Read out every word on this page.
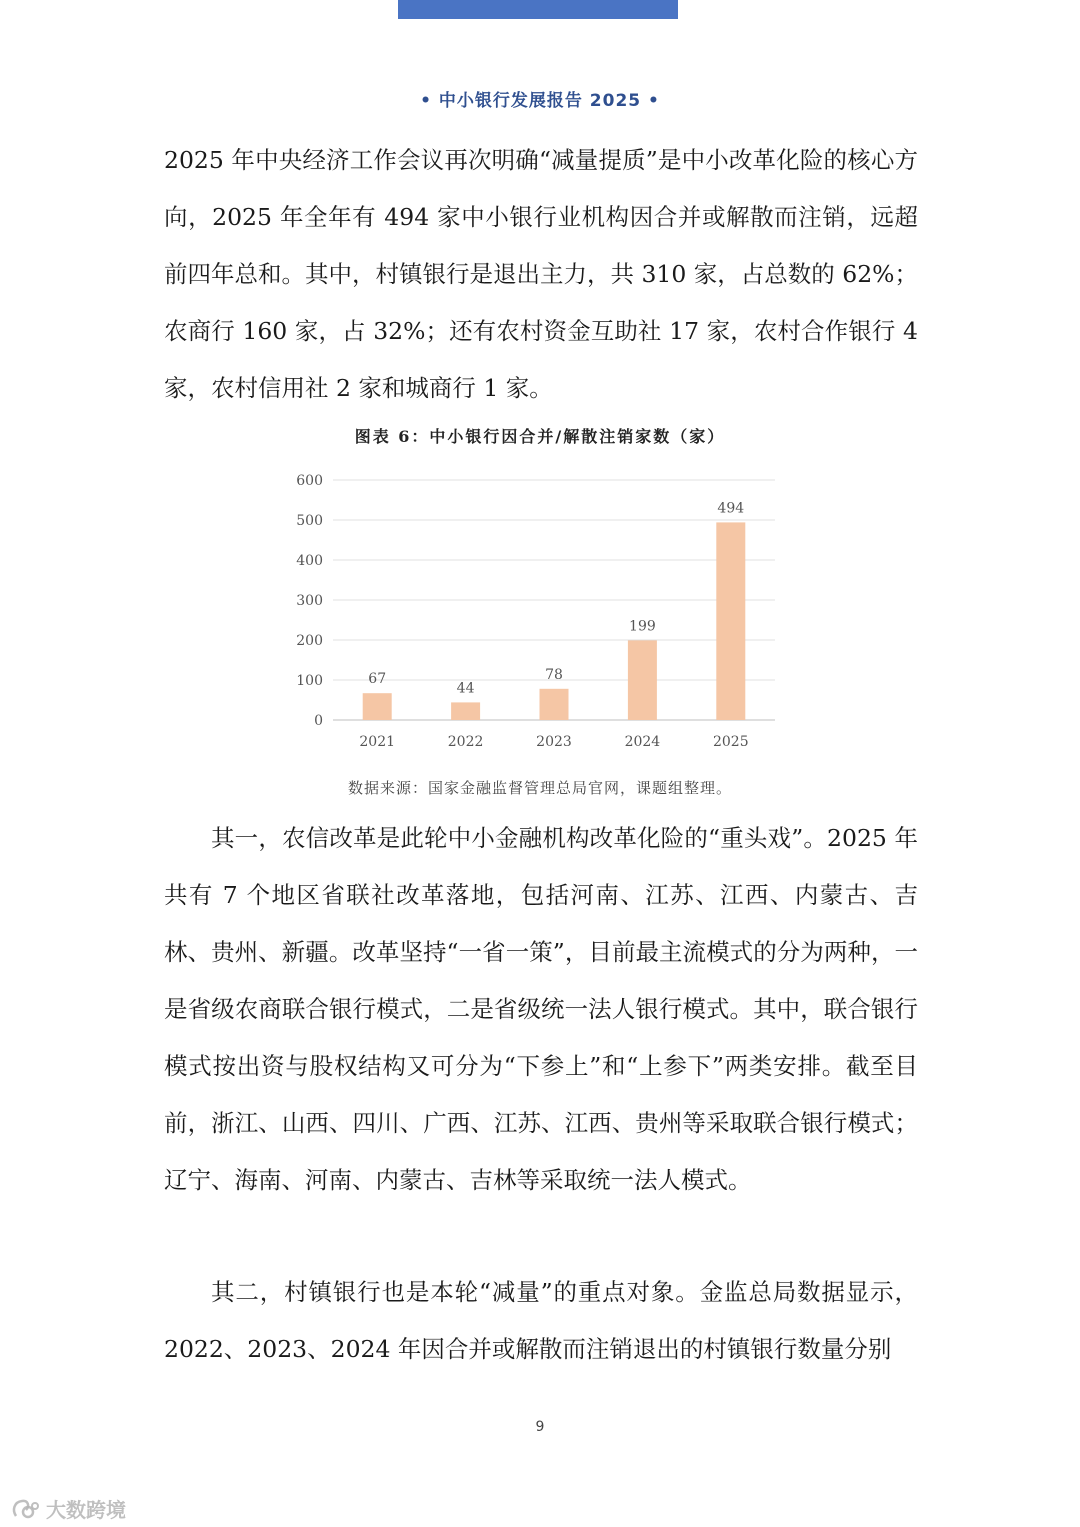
• 中小银行发展报告 2025 •

2025 年中央经济工作会议再次明确“减量提质”是中小改革化险的核心方向，2025 年全年有 494 家中小银行业机构因合并或解散而注销，远超前四年总和。其中，村镇银行是退出主力，共 310 家，占总数的 62%；农商行 160 家，占 32%；还有农村资金互助社 17 家，农村合作银行 4 家，农村信用社 2 家和城商行 1 家。

图表 6：中小银行因合并/解散注销家数（家）
0
100
200
300
400
500
600
67
44
78
199
494
2021	2022	2023	2024	2025
数据来源：国家金融监督管理总局官网，课题组整理。

其一，农信改革是此轮中小金融机构改革化险的“重头戏”。2025 年共有 7 个地区省联社改革落地，包括河南、江苏、江西、内蒙古、吉林、贵州、新疆。改革坚持“一省一策”，目前最主流模式的分为两种，一是省级农商联合银行模式，二是省级统一法人银行模式。其中，联合银行模式按出资与股权结构又可分为“下参上”和“上参下”两类安排。截至目前，浙江、山西、四川、广西、江苏、江西、贵州等采取联合银行模式；辽宁、海南、河南、内蒙古、吉林等采取统一法人模式。

其二，村镇银行也是本轮“减量”的重点对象。金监总局数据显示，2022、2023、2024 年因合并或解散而注销退出的村镇银行数量分别

9
大数跨境
